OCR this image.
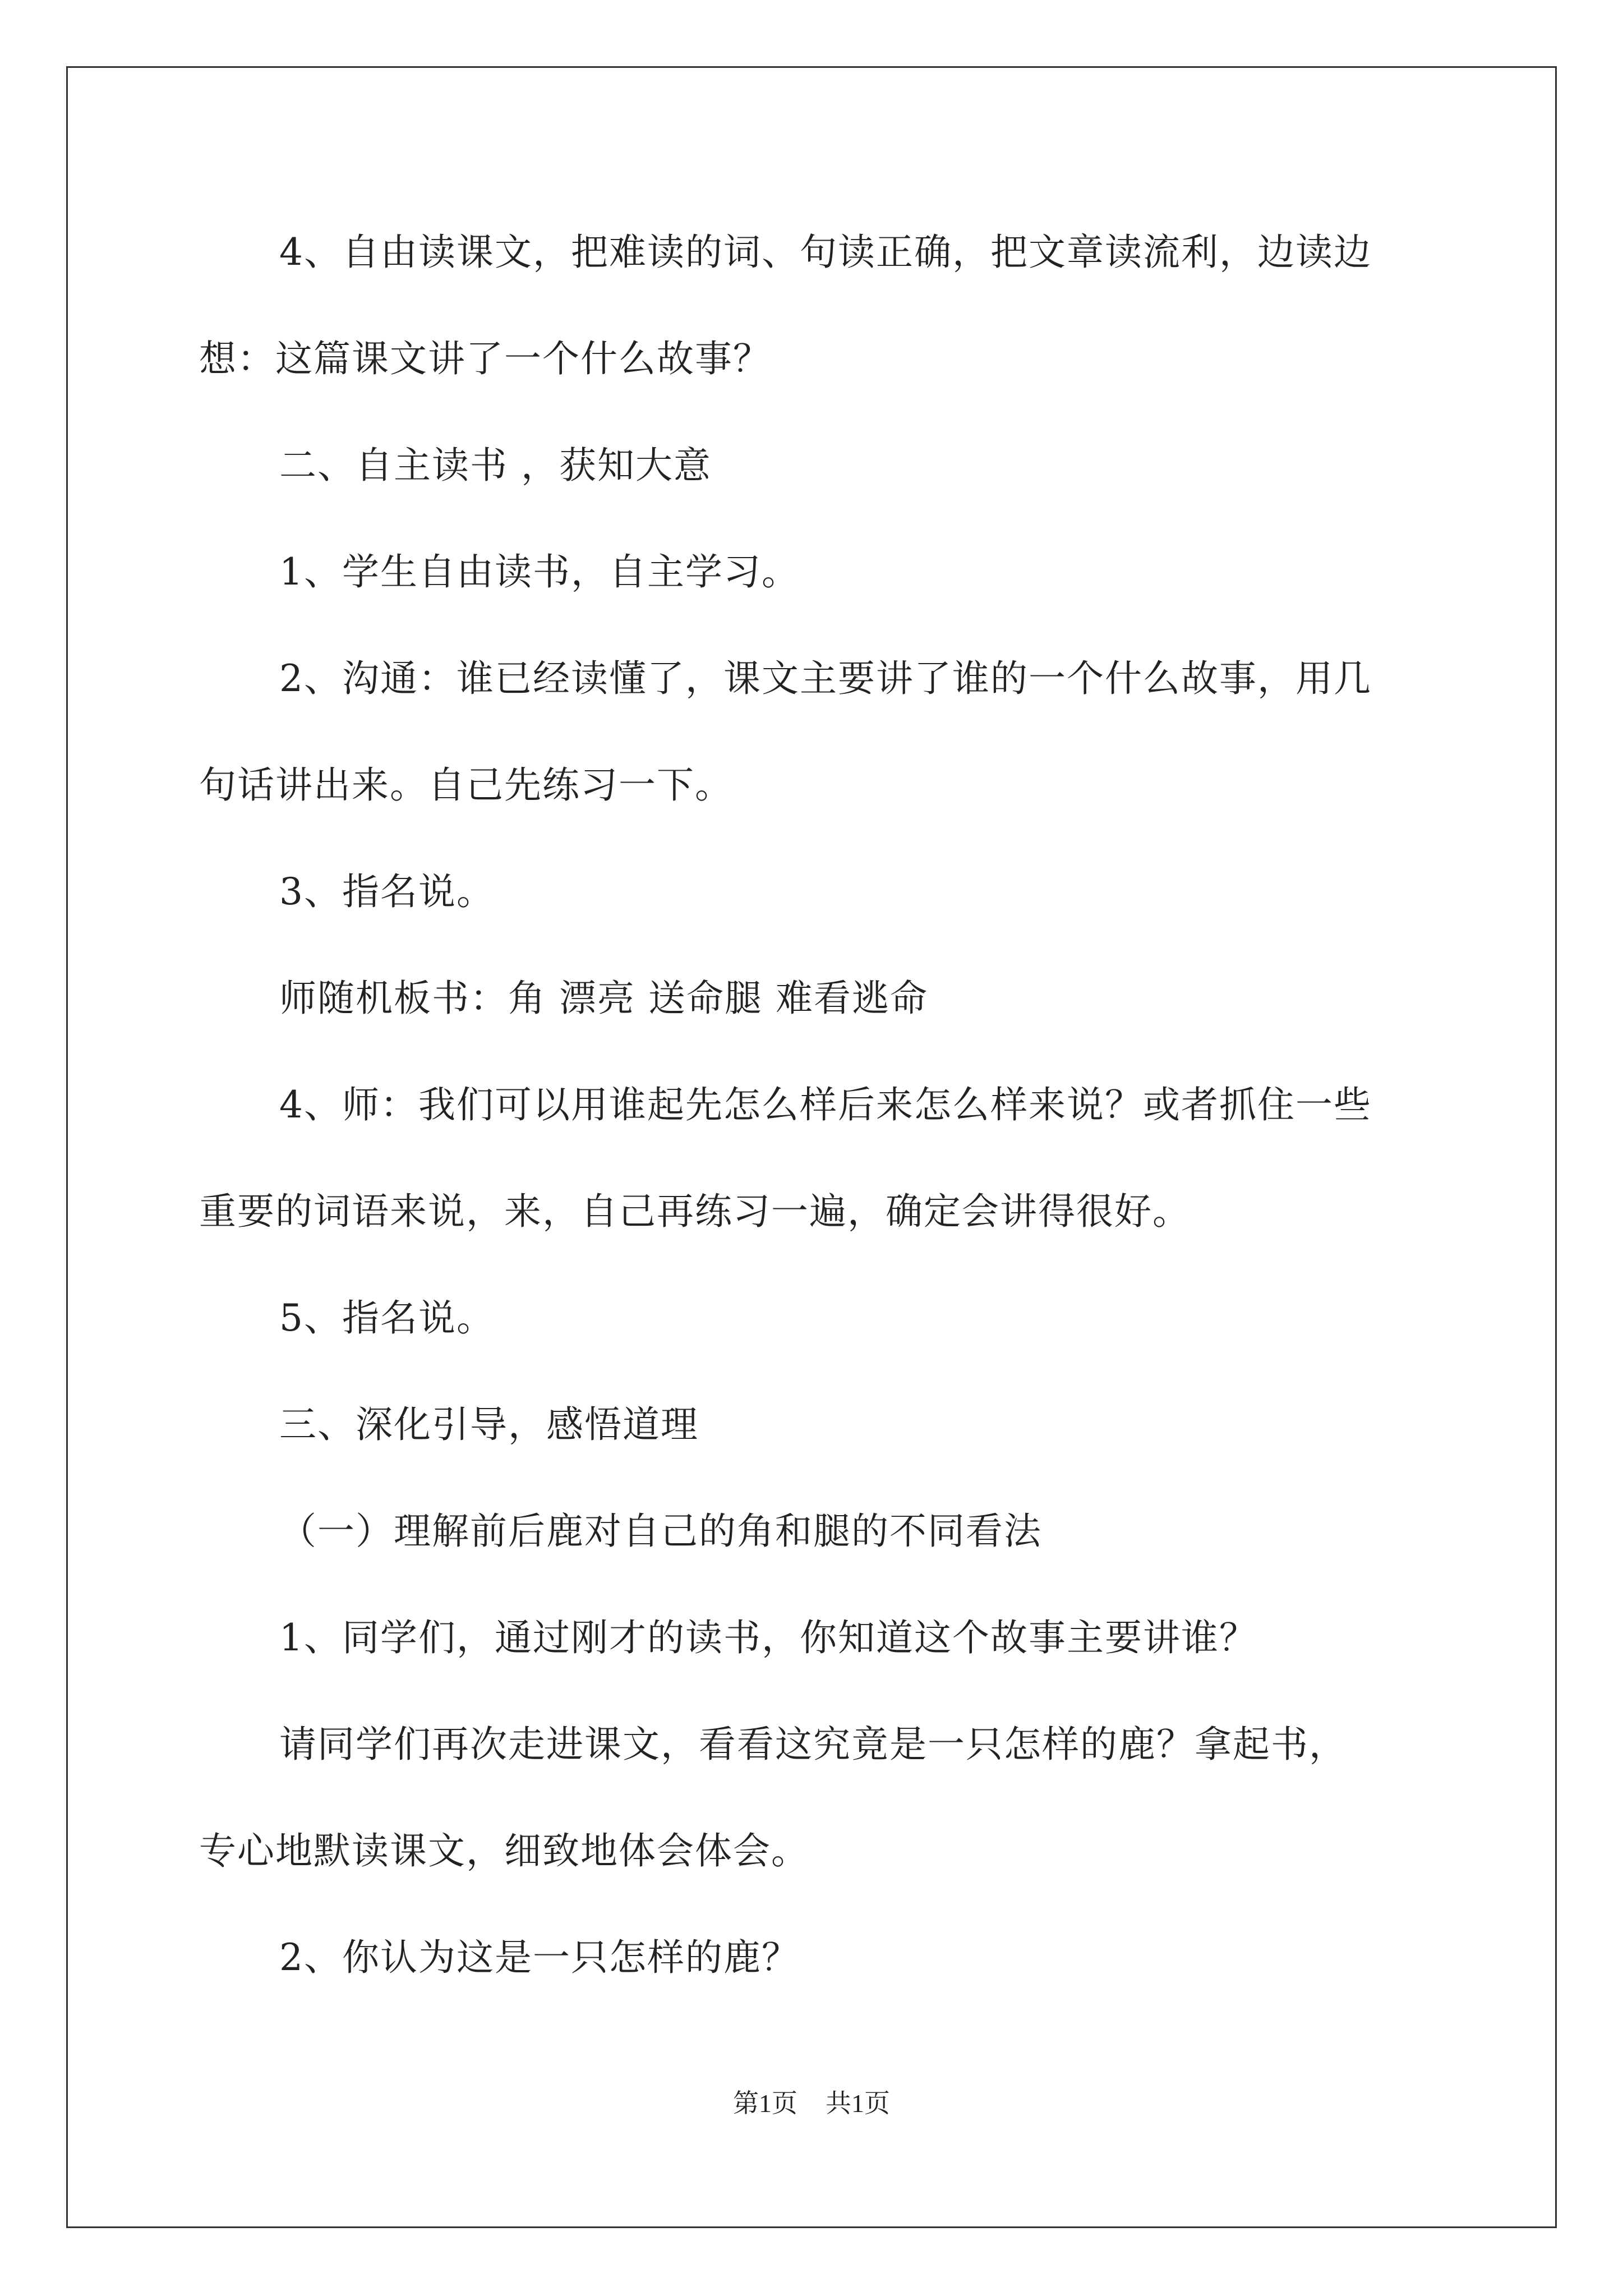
4、自由读课文，把难读的词、句读正确，把文章读流利，边读边
想：这篇课文讲了一个什么故事？
二、自主读书 ，获知大意
1、学生自由读书，自主学习。
2、沟通：谁已经读懂了，课文主要讲了谁的一个什么故事，用几
句话讲出来。自己先练习一下。
3、指名说。
师随机板书：角 漂亮 送命腿 难看逃命
4、师：我们可以用谁起先怎么样后来怎么样来说？或者抓住一些
重要的词语来说，来，自己再练习一遍，确定会讲得很好。
5、指名说。
三、深化引导，感悟道理
（一）理解前后鹿对自己的角和腿的不同看法
1、同学们，通过刚才的读书，你知道这个故事主要讲谁？
请同学们再次走进课文，看看这究竟是一只怎样的鹿？拿起书，
专心地默读课文，细致地体会体会。
2、你认为这是一只怎样的鹿？
第1页 共1页
